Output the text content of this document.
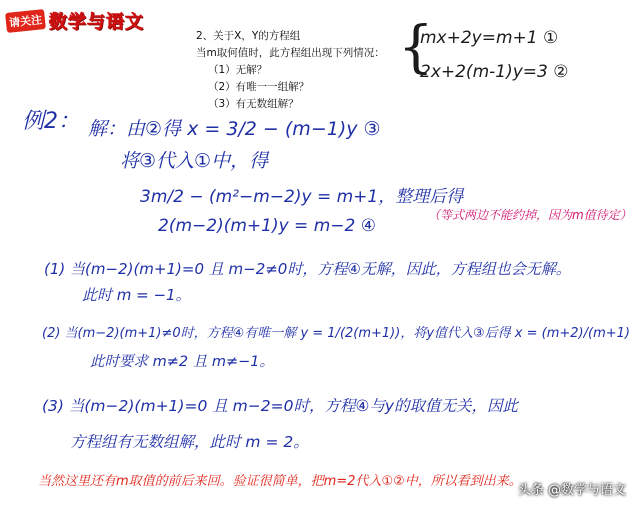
请关注 数学与语文
2、关于X，Y的方程组
当m取何值时，此方程组出现下列情况：
（1）无解？
（2）有唯一一组解？
（3）有无数组解？
{
mx+2y=m+1 ①
2x+2(m-1)y=3 ②
例2： 解：由②得 x = 3/2 − (m−1)y ③
将③代入①中，得
3m/2 − (m²−m−2)y = m+1，整理后得
2(m−2)(m+1)y = m−2 ④
（等式两边不能约掉，因为m值待定）
(1) 当(m−2)(m+1)=0 且 m−2≠0时，方程④无解，因此，方程组也会无解。
此时 m = −1。
(2) 当(m−2)(m+1)≠0时，方程④有唯一解 y = 1/(2(m+1))，将y值代入③后得 x = (m+2)/(m+1)
此时要求 m≠2 且 m≠−1。
(3) 当(m−2)(m+1)=0 且 m−2=0时，方程④与y的取值无关，因此
方程组有无数组解，此时 m = 2。
当然这里还有m取值的前后来回。验证很简单，把m=2代入①②中，所以看到出来。
头条 @数学与语文
